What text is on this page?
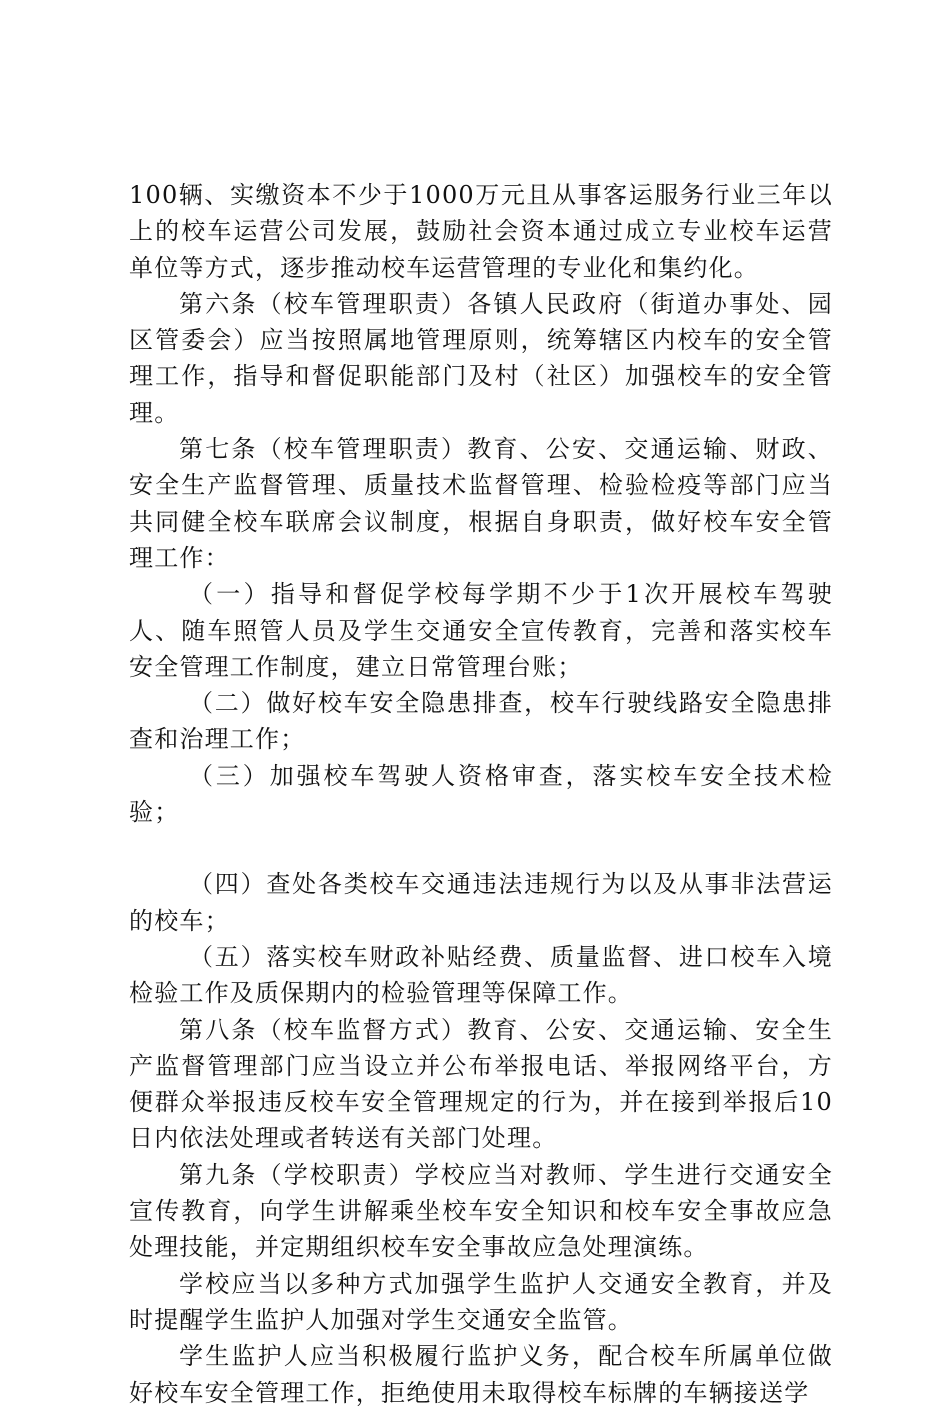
100辆、实缴资本不少于1000万元且从事客运服务行业三年以上的校车运营公司发展，鼓励社会资本通过成立专业校车运营单位等方式，逐步推动校车运营管理的专业化和集约化。

第六条（校车管理职责）各镇人民政府（街道办事处、园区管委会）应当按照属地管理原则，统筹辖区内校车的安全管理工作，指导和督促职能部门及村（社区）加强校车的安全管理。

第七条（校车管理职责）教育、公安、交通运输、财政、安全生产监督管理、质量技术监督管理、检验检疫等部门应当共同健全校车联席会议制度，根据自身职责，做好校车安全管理工作：

（一）指导和督促学校每学期不少于1次开展校车驾驶人、随车照管人员及学生交通安全宣传教育，完善和落实校车安全管理工作制度，建立日常管理台账；

（二）做好校车安全隐患排查，校车行驶线路安全隐患排查和治理工作；

（三）加强校车驾驶人资格审查，落实校车安全技术检验；

（四）查处各类校车交通违法违规行为以及从事非法营运的校车；

（五）落实校车财政补贴经费、质量监督、进口校车入境检验工作及质保期内的检验管理等保障工作。

第八条（校车监督方式）教育、公安、交通运输、安全生产监督管理部门应当设立并公布举报电话、举报网络平台，方便群众举报违反校车安全管理规定的行为，并在接到举报后10日内依法处理或者转送有关部门处理。

第九条（学校职责）学校应当对教师、学生进行交通安全宣传教育，向学生讲解乘坐校车安全知识和校车安全事故应急处理技能，并定期组织校车安全事故应急处理演练。

学校应当以多种方式加强学生监护人交通安全教育，并及时提醒学生监护人加强对学生交通安全监管。

学生监护人应当积极履行监护义务，配合校车所属单位做好校车安全管理工作，拒绝使用未取得校车标牌的车辆接送学
